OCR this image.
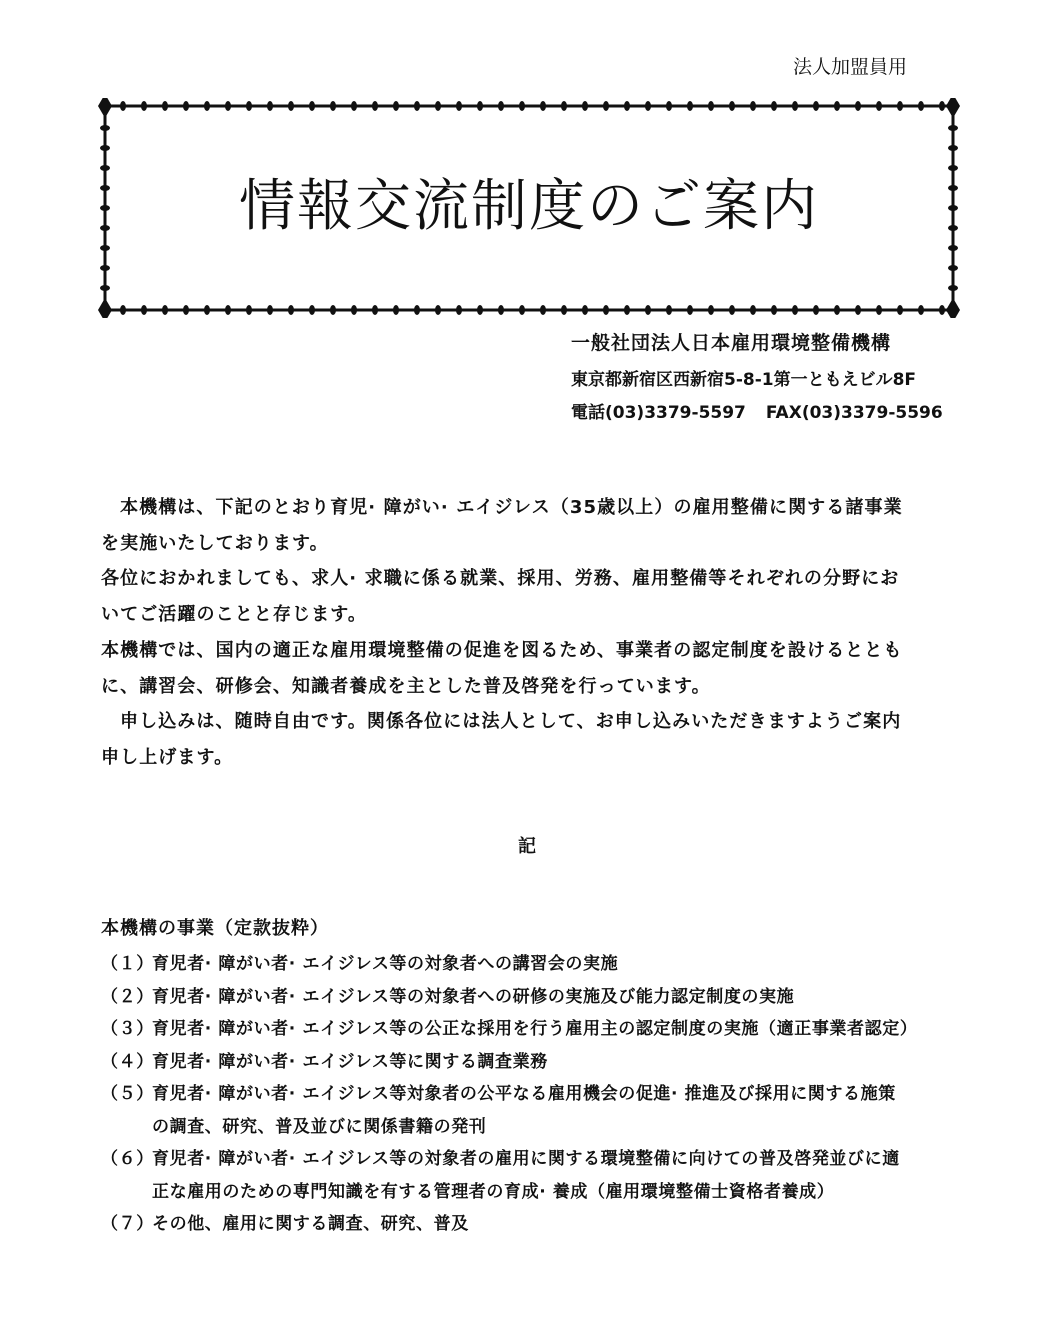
法人加盟員用
情報交流制度のご案内
一般社団法人日本雇用環境整備機構
東京都新宿区西新宿5-8-1第一ともえビル8F
電話(03)3379-5597 FAX(03)3379-5596

本機構は、下記のとおり育児· 障がい· エイジレス（35歳以上）の雇用整備に関する諸事業
を実施いたしております。

各位におかれましても、求人· 求職に係る就業、採用、労務、雇用整備等それぞれの分野にお
いてご活躍のことと存じます。

本機構では、国内の適正な雇用環境整備の促進を図るため、事業者の認定制度を設けるととも
に、講習会、研修会、知識者養成を主とした普及啓発を行っています。

申し込みは、随時自由です。関係各位には法人として、お申し込みいただきますようご案内
申し上げます。

記
本機構の事業（定款抜粋）
（１）育児者· 障がい者· エイジレス等の対象者への講習会の実施
（２）育児者· 障がい者· エイジレス等の対象者への研修の実施及び能力認定制度の実施
（３）育児者· 障がい者· エイジレス等の公正な採用を行う雇用主の認定制度の実施（適正事業者認定）
（４）育児者· 障がい者· エイジレス等に関する調査業務
（５）育児者· 障がい者· エイジレス等対象者の公平なる雇用機会の促進· 推進及び採用に関する施策
の調査、研究、普及並びに関係書籍の発刊
（６）育児者· 障がい者· エイジレス等の対象者の雇用に関する環境整備に向けての普及啓発並びに適
正な雇用のための専門知識を有する管理者の育成· 養成（雇用環境整備士資格者養成）
（７）その他、雇用に関する調査、研究、普及
